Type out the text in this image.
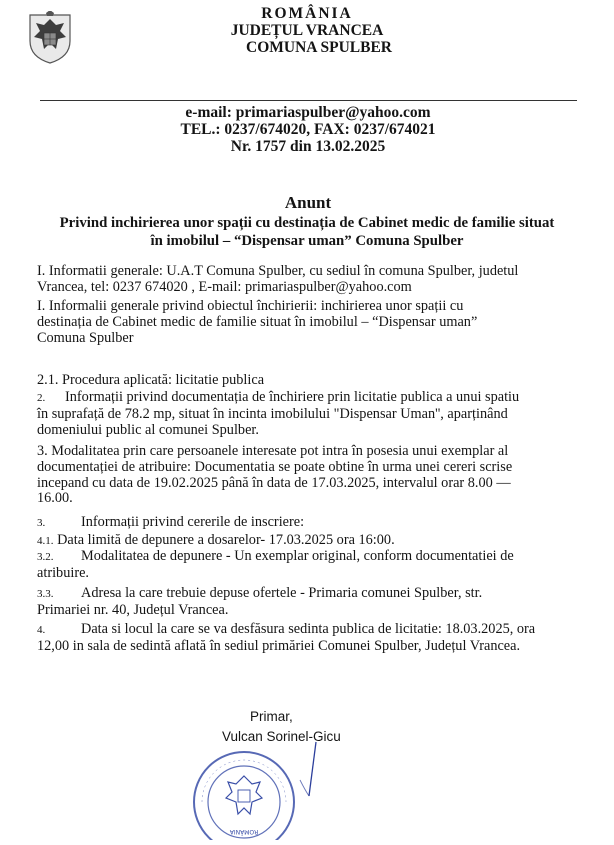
ROMÂNIA
JUDEȚUL VRANCEA
COMUNA SPULBER
e-mail: primariaspulber@yahoo.com
TEL.: 0237/674020, FAX: 0237/674021
Nr. 1757 din 13.02.2025
Anunt
Privind inchirierea unor spații cu destinația de Cabinet medic de familie situat
în imobilul – “Dispensar uman” Comuna Spulber
I. Informatii generale: U.A.T Comuna Spulber, cu sediul în comuna Spulber, judetul
Vrancea, tel: 0237 674020 , E-mail: primariaspulber@yahoo.com
I. Informalii generale privind obiectul închirierii: inchirierea unor spații cu
destinația de Cabinet medic de familie situat în imobilul – “Dispensar uman”
Comuna Spulber
2.1. Procedura aplicată: licitatie publica
2. Informații privind documentația de închiriere prin licitatie publica a unui spatiu
în suprafață de 78.2 mp, situat în incinta imobilului "Dispensar Uman'', aparținând
domeniului public al comunei Spulber.
3. Modalitatea prin care persoanele interesate pot intra în posesia unui exemplar al
documentației de atribuire: Documentatia se poate obtine în urma unei cereri scrise
incepand cu data de 19.02.2025 până în data de 17.03.2025, intervalul orar 8.00 —
16.00.
3.	Informații privind cererile de inscriere:
4.1. Data limită de depunere a dosarelor- 17.03.2025 ora 16:00.
3.2. Modalitatea de depunere - Un exemplar original, conform documentatiei de
atribuire.
3.3. Adresa la care trebuie depuse ofertele - Primaria comunei Spulber, str.
Primariei nr. 40, Județul Vrancea.
4.	Data si locul la care se va desfăsura sedinta publica de licitatie: 18.03.2025, ora
12,00 in sala de sedintă aflată în sediul primăriei Comunei Spulber, Județul Vrancea.
Primar,
Vulcan Sorinel-Gicu
ROMÂNIA
